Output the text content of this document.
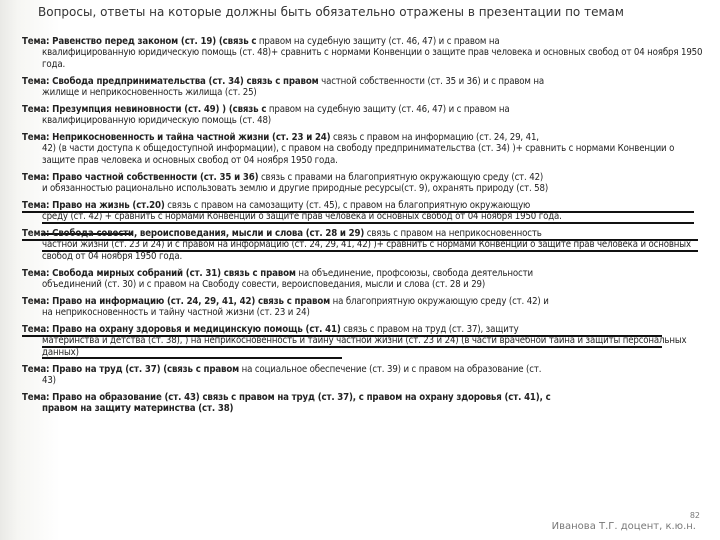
Вопросы, ответы на которые должны быть обязательно отражены в презентации по темам
Тема: Равенство перед законом (ст. 19) (связь с правом на судебную защиту (ст. 46, 47) и с правом на
квалифицированную юридическую помощь (ст. 48)+ сравнить с нормами Конвенции о защите прав человека и основных свобод от 04 ноября 1950 года.
Тема: Свобода предпринимательства (ст. 34) связь с правом частной собственности (ст. 35 и 36) и с правом на
жилище и неприкосновенность жилища (ст. 25)
Тема: Презумпция невиновности (ст. 49) ) (связь с правом на судебную защиту (ст. 46, 47) и с правом на
квалифицированную юридическую помощь (ст. 48)
Тема: Неприкосновенность и тайна частной жизни (ст. 23 и 24) связь с правом на информацию (ст. 24, 29, 41,
42) (в части доступа к общедоступной информации), с правом на свободу предпринимательства (ст. 34) )+ сравнить с нормами Конвенции о защите прав человека и основных свобод от 04 ноября 1950 года.
Тема: Право частной собственности (ст. 35 и 36) связь с правами на благоприятную окружающую среду (ст. 42)
и обязанностью рационально использовать землю и другие природные ресурсы(ст. 9), охранять природу (ст. 58)
Тема: Право на жизнь (ст.20) связь с правом на самозащиту (ст. 45), с правом на благоприятную окружающую
среду (ст. 42) + сравнить с нормами Конвенции о защите прав человека и основных свобод от 04 ноября 1950 года.
Тема: Свобода совести, вероисповедания, мысли и слова (ст. 28 и 29) связь с правом на неприкосновенность
частной жизни (ст. 23 и 24) и с правом на информацию (ст. 24, 29, 41, 42) )+ сравнить с нормами Конвенции о защите прав человека и основных свобод от 04 ноября 1950 года.
Тема: Свобода мирных собраний (ст. 31) связь с правом на объединение, профсоюзы, свобода деятельности
объединений (ст. 30) и с правом на Свободу совести, вероисповедания, мысли и слова (ст. 28 и 29)
Тема: Право на информацию (ст. 24, 29, 41, 42) связь с правом на благоприятную окружающую среду (ст. 42) и
на неприкосновенность и тайну частной жизни (ст. 23 и 24)
Тема: Право на охрану здоровья и медицинскую помощь (ст. 41) связь с правом на труд (ст. 37), защиту
материнства и детства (ст. 38), ) на неприкосновенность и тайну частной жизни (ст. 23 и 24) (в части врачебной тайна и защиты персональных данных)
Тема: Право на труд (ст. 37) (связь с правом на социальное обеспечение (ст. 39) и с правом на образование (ст.
43)
Тема: Право на образование (ст. 43) связь с правом на труд (ст. 37), с правом на охрану здоровья (ст. 41), с
правом на защиту материнства (ст. 38)
Иванова Т.Г. доцент, к.ю.н.
82
